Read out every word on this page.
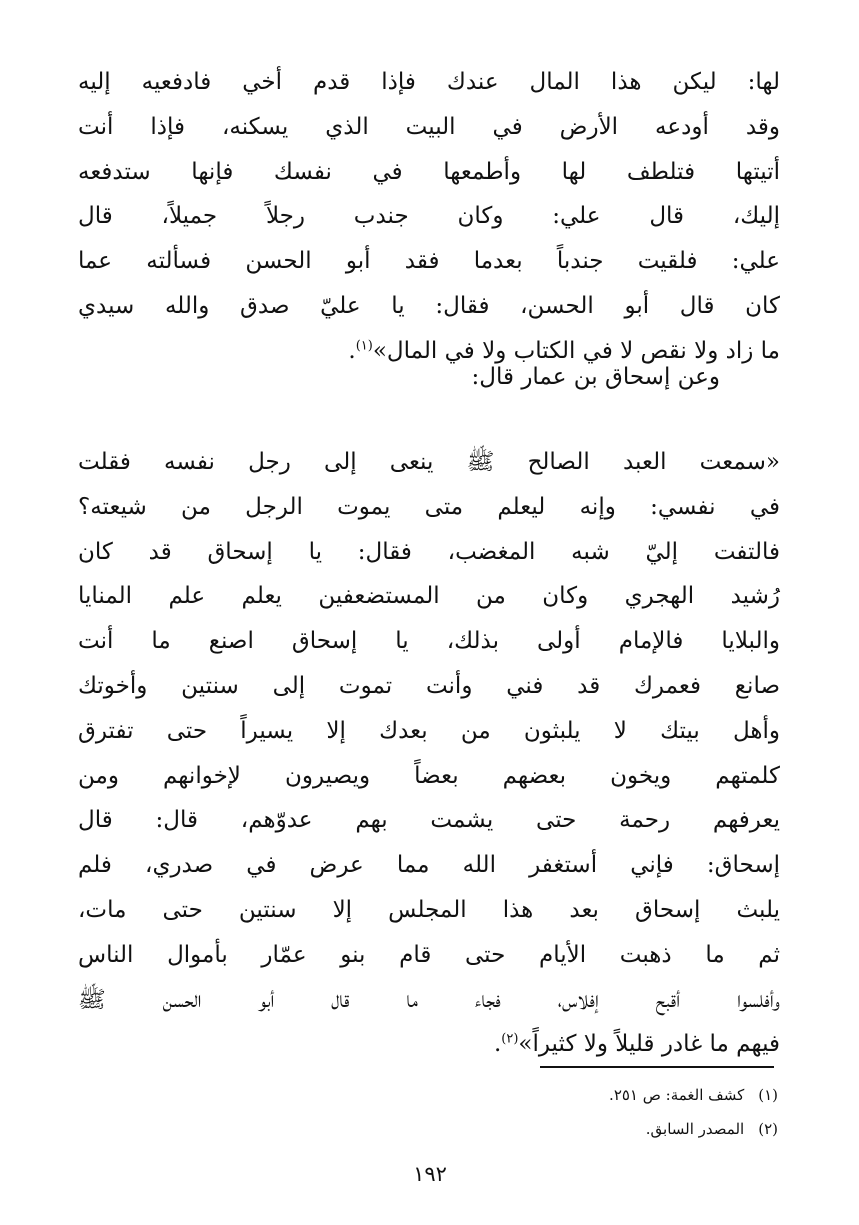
لها: ليكن هذا المال عندك فإذا قدم أخي فادفعيه إليه
وقد أودعه الأرض في البيت الذي يسكنه، فإذا أنت
أتيتها فتلطف لها وأطمعها في نفسك فإنها ستدفعه
إليك، قال علي: وكان جندب رجلاً جميلاً، قال
علي: فلقيت جندباً بعدما فقد أبو الحسن فسألته عما
كان قال أبو الحسن، فقال: يا عليّ صدق والله سيدي
ما زاد ولا نقص لا في الكتاب ولا في المال»$^{(١)}$.
وعن إسحاق بن عمار قال:
«سمعت العبد الصالح ﷺ ينعى إلى رجل نفسه فقلت
في نفسي: وإنه ليعلم متى يموت الرجل من شيعته؟
فالتفت إليّ شبه المغضب، فقال: يا إسحاق قد كان
رُشيد الهجري وكان من المستضعفين يعلم علم المنايا
والبلايا فالإمام أولى بذلك، يا إسحاق اصنع ما أنت
صانع فعمرك قد فني وأنت تموت إلى سنتين وأخوتك
وأهل بيتك لا يلبثون من بعدك إلا يسيراً حتى تفترق
كلمتهم ويخون بعضهم بعضاً ويصيرون لإخوانهم ومن
يعرفهم رحمة حتى يشمت بهم عدوّهم، قال: قال
إسحاق: فإني أستغفر الله مما عرض في صدري، فلم
يلبث إسحاق بعد هذا المجلس إلا سنتين حتى مات،
ثم ما ذهبت الأيام حتى قام بنو عمّار بأموال الناس
وأفلسوا أقبح إفلاس، فجاء ما قال أبو الحسن ﷺ
فيهم ما غادر قليلاً ولا كثيراً»$^{(٢)}$.
(١)كشف الغمة: ص ٢٥١.
(٢)المصدر السابق.
١٩٢
